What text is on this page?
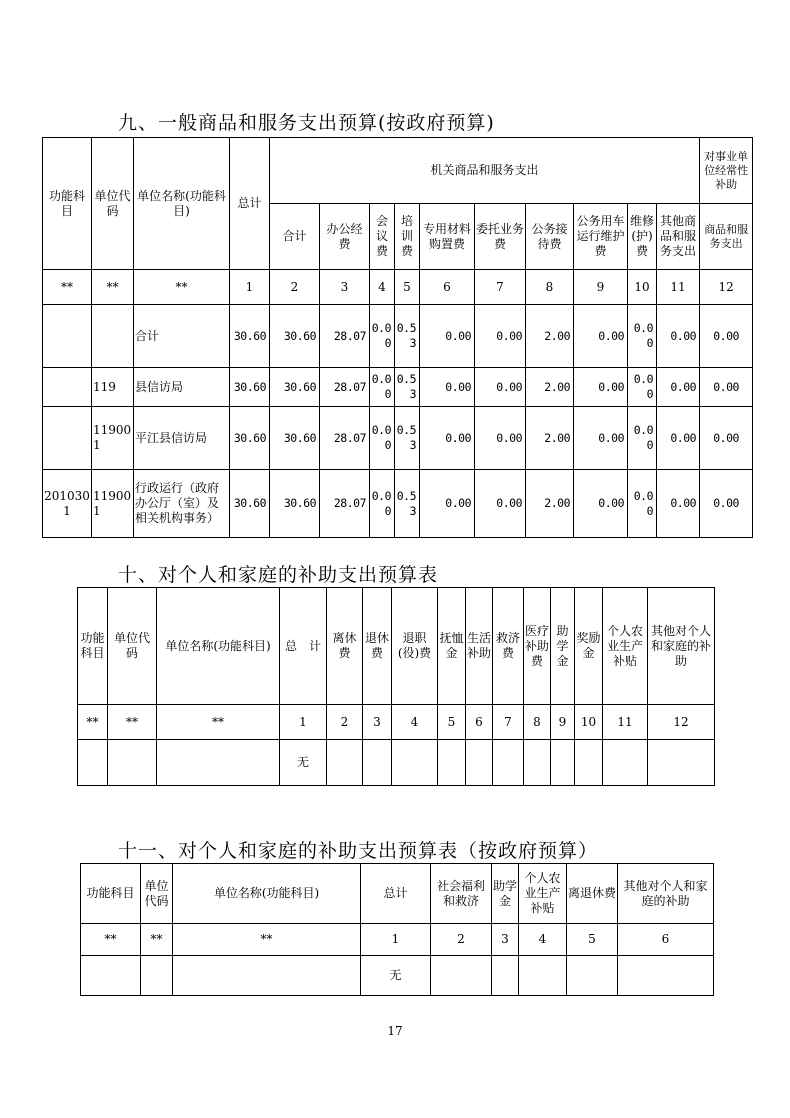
九、一般商品和服务支出预算(按政府预算)
功能科目	单位代码	单位名称(功能科目)	总计	机关商品和服务支出										对事业单位经常性补助
				合计	办公经费	会议费	培训费	专用材料购置费	委托业务费	公务接待费	公务用车运行维护费	维修(护)费	其他商品和服务支出	商品和服务支出
**	**	**	1	2	3	4	5	6	7	8	9	10	11	12
		合计	30.60	30.60	28.07	0.00	0.53	0.00	0.00	2.00	0.00	0.00	0.00	0.00
	119	县信访局	30.60	30.60	28.07	0.00	0.53	0.00	0.00	2.00	0.00	0.00	0.00	0.00
	119001	平江县信访局	30.60	30.60	28.07	0.00	0.53	0.00	0.00	2.00	0.00	0.00	0.00	0.00
2010301	119001	行政运行（政府办公厅（室）及相关机构事务）	30.60	30.60	28.07	0.00	0.53	0.00	0.00	2.00	0.00	0.00	0.00	0.00
十、对个人和家庭的补助支出预算表
功能科目	单位代码	单位名称(功能科目)	总　计	离休费	退休费	退职(役)费	抚恤金	生活补助	救济费	医疗补助费	助学金	奖励金	个人农业生产补贴	其他对个人和家庭的补助
**	**	**	1	2	3	4	5	6	7	8	9	10	11	12
			无											
十一、对个人和家庭的补助支出预算表（按政府预算）
功能科目	单位代码	单位名称(功能科目)	总计	社会福利和救济	助学金	个人农业生产补贴	离退休费	其他对个人和家庭的补助
**	**	**	1	2	3	4	5	6
			无					
17
